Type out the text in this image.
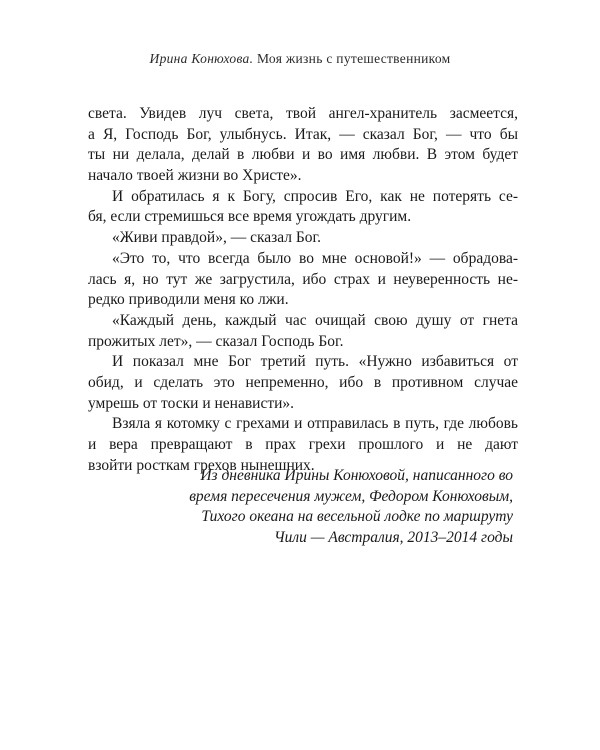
Ирина Конюхова. Моя жизнь с путешественником
света. Увидев луч света, твой ангел-хранитель засмеется,
а Я, Господь Бог, улыбнусь. Итак, — сказал Бог, — что бы
ты ни делала, делай в любви и во имя любви. В этом будет
начало твоей жизни во Христе».
И обратилась я к Богу, спросив Его, как не потерять се-
бя, если стремишься все время угождать другим.
«Живи правдой», — сказал Бог.
«Это то, что всегда было во мне основой!» — обрадова-
лась я, но тут же загрустила, ибо страх и неуверенность не-
редко приводили меня ко лжи.
«Каждый день, каждый час очищай свою душу от гнета
прожитых лет», — сказал Господь Бог.
И показал мне Бог третий путь. «Нужно избавиться от
обид, и сделать это непременно, ибо в противном случае
умрешь от тоски и ненависти».
Взяла я котомку с грехами и отправилась в путь, где любовь
и вера превращают в прах грехи прошлого и не дают
взойти росткам грехов нынешних.
Из дневника Ирины Конюховой, написанного во
время пересечения мужем, Федором Конюховым,
Тихого океана на весельной лодке по маршруту
Чили — Австралия, 2013–2014 годы
